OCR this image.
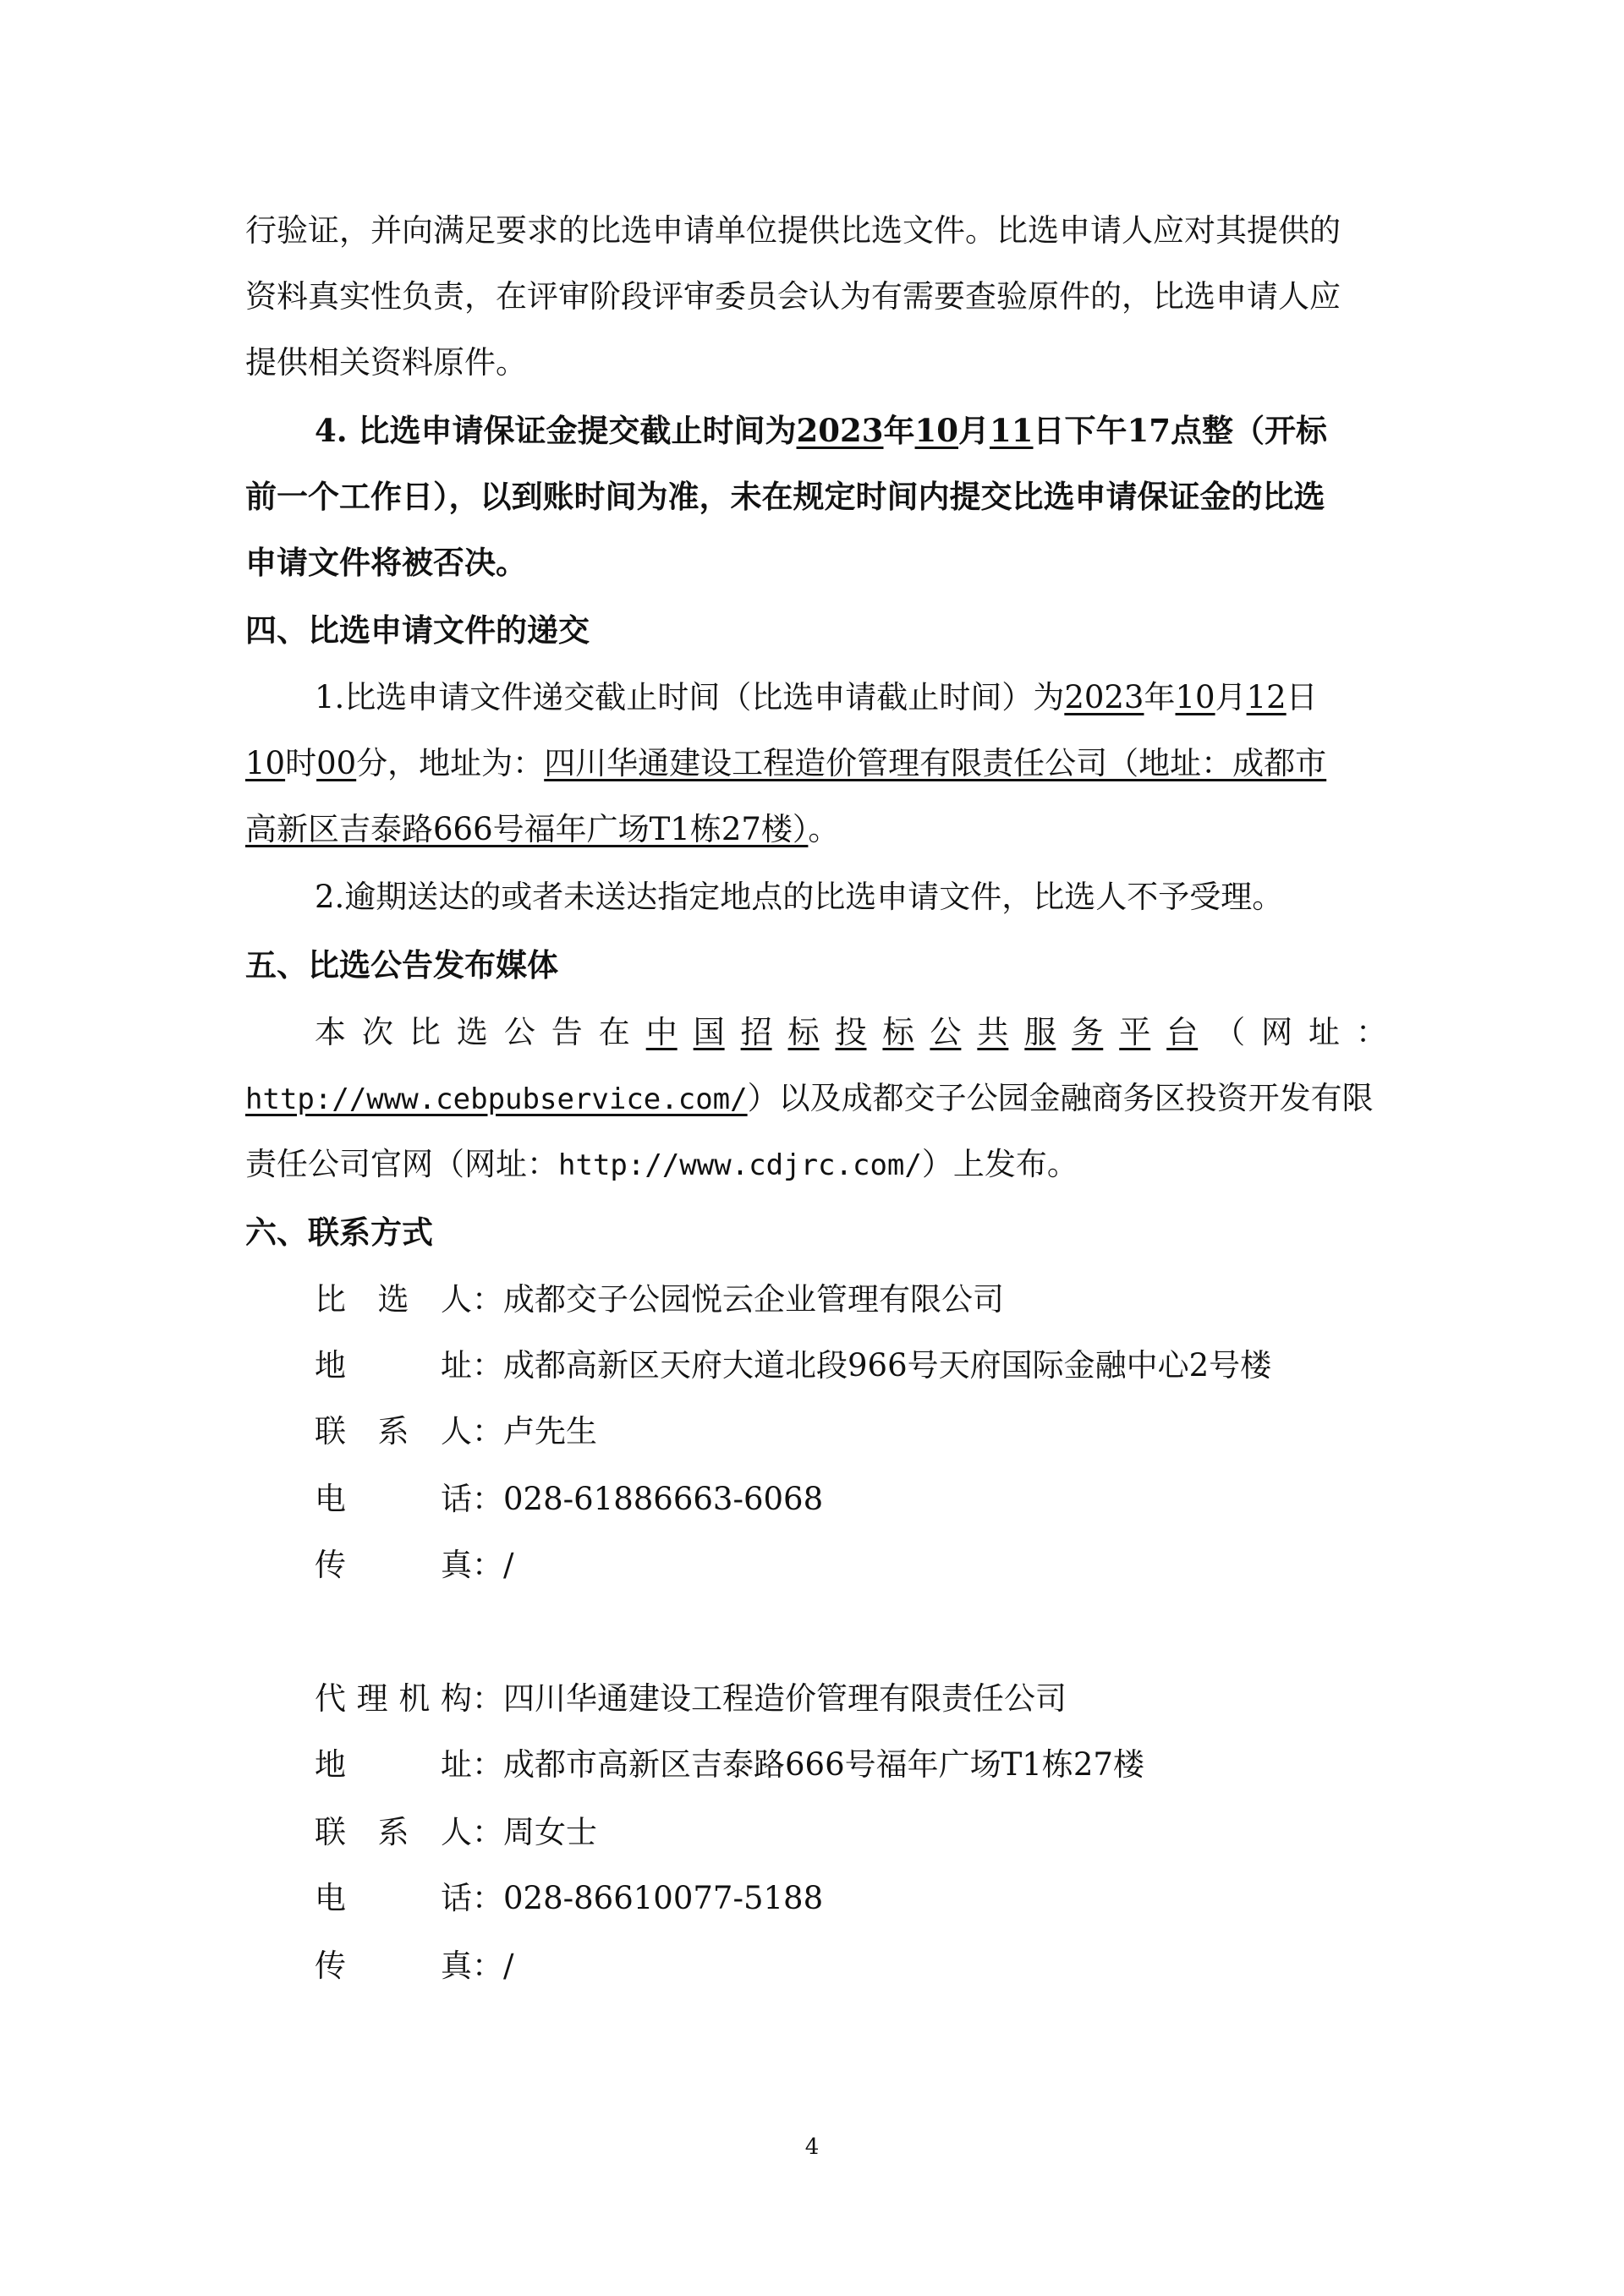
行验证，并向满足要求的比选申请单位提供比选文件。比选申请人应对其提供的
资料真实性负责，在评审阶段评审委员会认为有需要查验原件的，比选申请人应
提供相关资料原件。
4. 比选申请保证金提交截止时间为2023年10月11日下午17点整（开标
前一个工作日），以到账时间为准，未在规定时间内提交比选申请保证金的比选
申请文件将被否决。
四、比选申请文件的递交
1.比选申请文件递交截止时间（比选申请截止时间）为2023年10月12日
10时00分，地址为：四川华通建设工程造价管理有限责任公司（地址：成都市
高新区吉泰路666号福年广场T1栋27楼）。
2.逾期送达的或者未送达指定地点的比选申请文件，比选人不予受理。
五、比选公告发布媒体
本 次 比 选 公 告 在 中 国 招 标 投 标 公 共 服 务 平 台 （ 网 址 ：
http://www.cebpubservice.com/）以及成都交子公园金融商务区投资开发有限
责任公司官网（网址：http://www.cdjrc.com/）上发布。
六、联系方式
比选人：成都交子公园悦云企业管理有限公司
地址：成都高新区天府大道北段966号天府国际金融中心2号楼
联系人：卢先生
电话：028-61886663-6068
传真：/
代理机构：四川华通建设工程造价管理有限责任公司
地址：成都市高新区吉泰路666号福年广场T1栋27楼
联系人：周女士
电话：028-86610077-5188
传真：/
4
